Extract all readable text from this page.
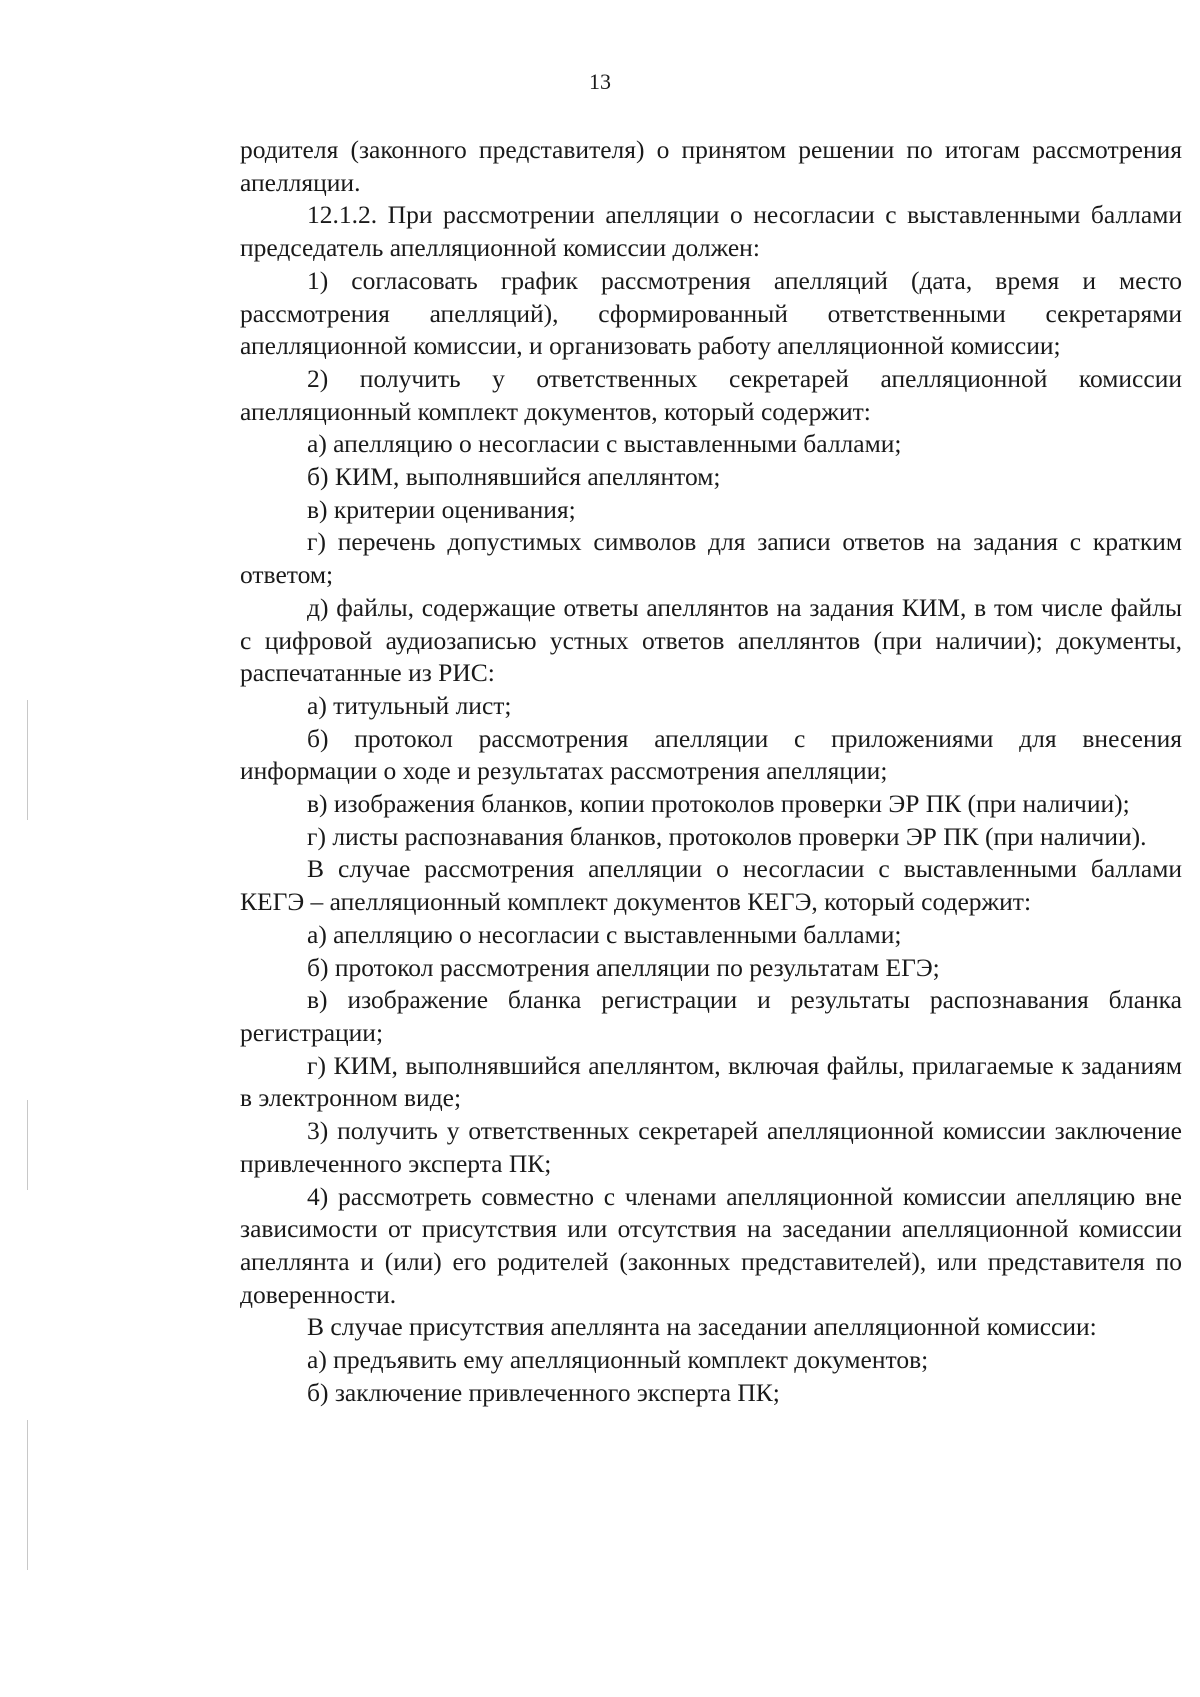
13

родителя (законного представителя) о принятом решении по итогам рассмотрения апелляции.

12.1.2. При рассмотрении апелляции о несогласии с выставленными баллами председатель апелляционной комиссии должен:

1) согласовать график рассмотрения апелляций (дата, время и место рассмотрения апелляций), сформированный ответственными секретарями апелляционной комиссии, и организовать работу апелляционной комиссии;

2) получить у ответственных секретарей апелляционной комиссии апелляционный комплект документов, который содержит:

а) апелляцию о несогласии с выставленными баллами;

б) КИМ, выполнявшийся апеллянтом;

в) критерии оценивания;

г) перечень допустимых символов для записи ответов на задания с кратким ответом;

д) файлы, содержащие ответы апеллянтов на задания КИМ, в том числе файлы с цифровой аудиозаписью устных ответов апеллянтов (при наличии); документы, распечатанные из РИС:

а) титульный лист;

б) протокол рассмотрения апелляции с приложениями для внесения информации о ходе и результатах рассмотрения апелляции;

в) изображения бланков, копии протоколов проверки ЭР ПК (при наличии);

г) листы распознавания бланков, протоколов проверки ЭР ПК (при наличии).

В случае рассмотрения апелляции о несогласии с выставленными баллами КЕГЭ – апелляционный комплект документов КЕГЭ, который содержит:

а) апелляцию о несогласии с выставленными баллами;

б) протокол рассмотрения апелляции по результатам ЕГЭ;

в) изображение бланка регистрации и результаты распознавания бланка регистрации;

г) КИМ, выполнявшийся апеллянтом, включая файлы, прилагаемые к заданиям в электронном виде;

3) получить у ответственных секретарей апелляционной комиссии заключение привлеченного эксперта ПК;

4) рассмотреть совместно с членами апелляционной комиссии апелляцию вне зависимости от присутствия или отсутствия на заседании апелляционной комиссии апеллянта и (или) его родителей (законных представителей), или представителя по доверенности.

В случае присутствия апеллянта на заседании апелляционной комиссии:

а) предъявить ему апелляционный комплект документов;

б) заключение привлеченного эксперта ПК;
